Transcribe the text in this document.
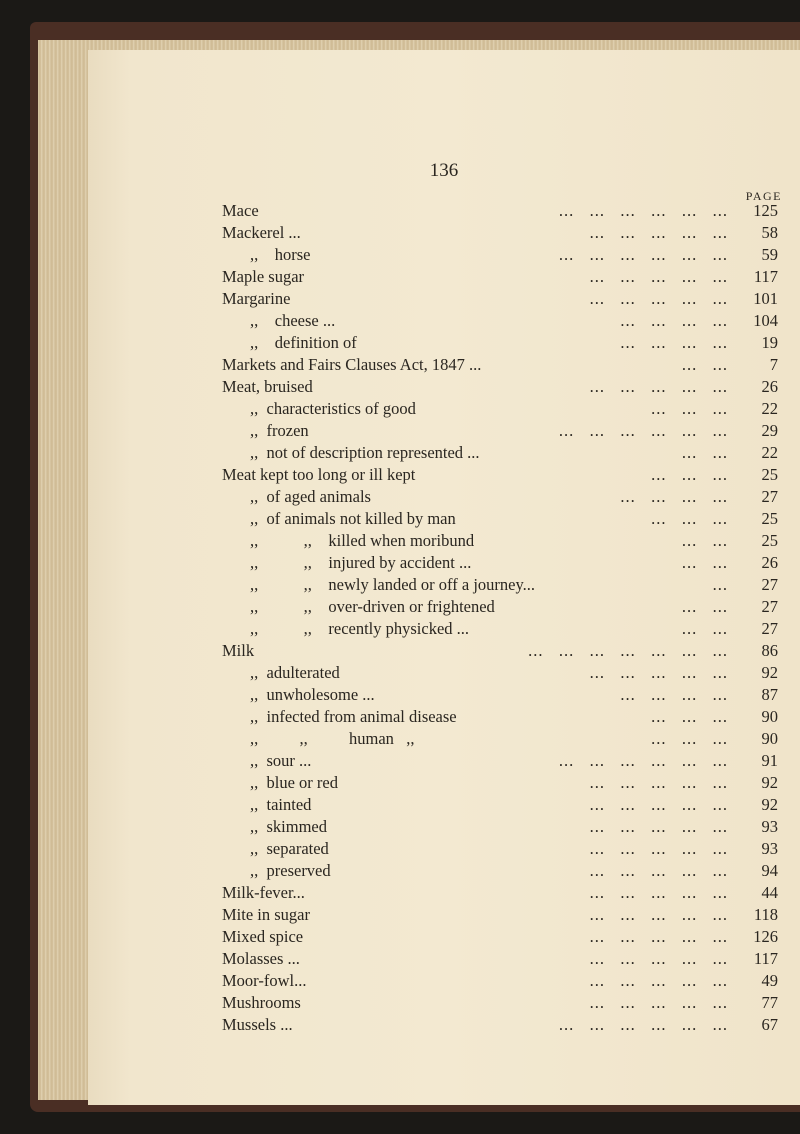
136
PAGE
Mace	...   ...   ...   ...   ...   ...	125
Mackerel ...	...   ...   ...   ...   ...	58
,,    horse	...   ...   ...   ...   ...   ...	59
Maple sugar	...   ...   ...   ...   ...	117
Margarine	...   ...   ...   ...   ...	101
,,    cheese ...	...   ...   ...   ...	104
,,    definition of	...   ...   ...   ...	19
Markets and Fairs Clauses Act, 1847 ...	...   ...	7
Meat, bruised	...   ...   ...   ...   ...	26
,,  characteristics of good	...   ...   ...	22
,,  frozen	...   ...   ...   ...   ...   ...	29
,,  not of description represented ...	...   ...	22
Meat kept too long or ill kept	...   ...   ...	25
,,  of aged animals	...   ...   ...   ...	27
,,  of animals not killed by man	...   ...   ...	25
,,           ,,    killed when moribund	...   ...	25
,,           ,,    injured by accident ...	...   ...	26
,,           ,,    newly landed or off a journey...	...	27
,,           ,,    over-driven or frightened	...   ...	27
,,           ,,    recently physicked ...	...   ...	27
Milk	...   ...   ...   ...   ...   ...   ...	86
,,  adulterated	...   ...   ...   ...   ...	92
,,  unwholesome ...	...   ...   ...   ...	87
,,  infected from animal disease	...   ...   ...	90
,,          ,,          human   ,,	...   ...   ...	90
,,  sour ...	...   ...   ...   ...   ...   ...	91
,,  blue or red	...   ...   ...   ...   ...	92
,,  tainted	...   ...   ...   ...   ...	92
,,  skimmed	...   ...   ...   ...   ...	93
,,  separated	...   ...   ...   ...   ...	93
,,  preserved	...   ...   ...   ...   ...	94
Milk-fever...	...   ...   ...   ...   ...	44
Mite in sugar	...   ...   ...   ...   ...	118
Mixed spice	...   ...   ...   ...   ...	126
Molasses ...	...   ...   ...   ...   ...	117
Moor-fowl...	...   ...   ...   ...   ...	49
Mushrooms	...   ...   ...   ...   ...	77
Mussels ...	...   ...   ...   ...   ...   ...	67
